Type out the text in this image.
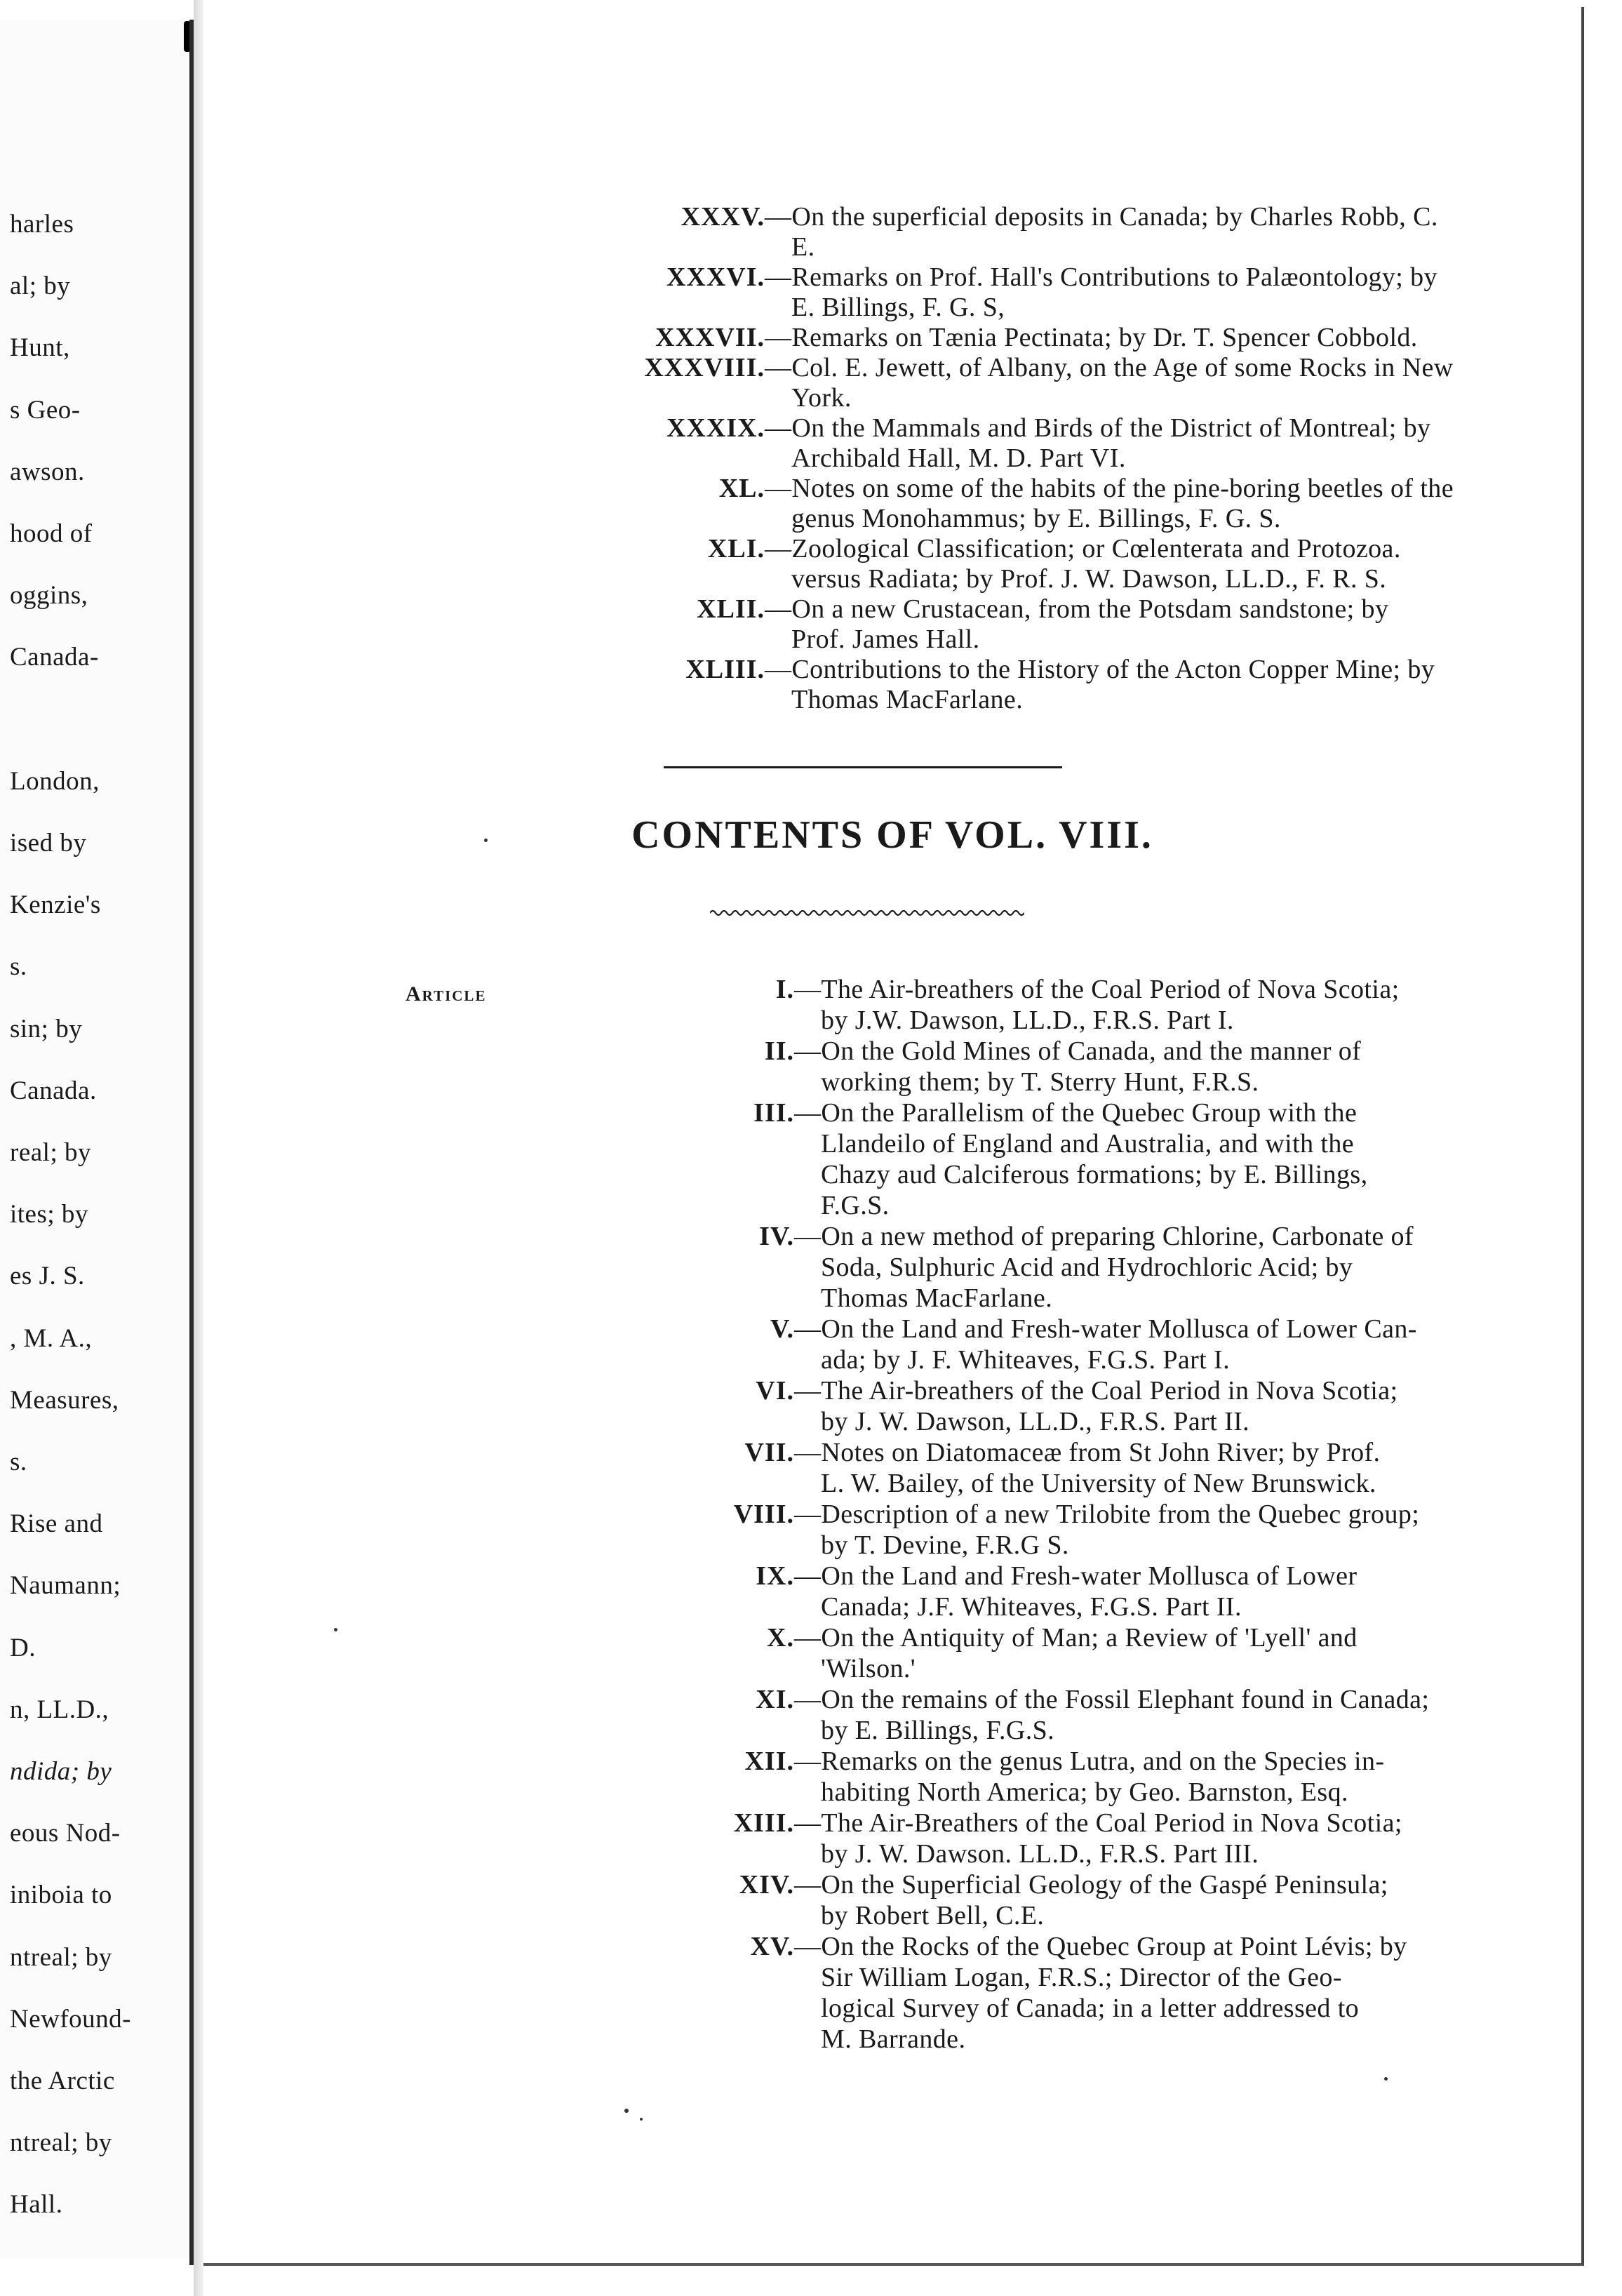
harles
al; by
Hunt,
s Geo-
awson.
hood of
oggins,
Canada-
London,
ised by
Kenzie's
s.
sin; by
Canada.
real; by
ites; by
es J. S.
, M. A.,
Measures,
s.
Rise and
Naumann;
D.
n, LL.D.,
ndida; by
eous Nod-
iniboia to
ntreal; by
Newfound-
the Arctic
ntreal; by
Hall.
XXXV. —On the superficial deposits in Canada; by Charles Robb, C.
E.
XXXVI. —Remarks on Prof. Hall's Contributions to Palæontology; by
E. Billings, F. G. S,
XXXVII. —Remarks on Tænia Pectinata; by Dr. T. Spencer Cobbold.
XXXVIII. —Col. E. Jewett, of Albany, on the Age of some Rocks in New
York.
XXXIX. —On the Mammals and Birds of the District of Montreal; by
Archibald Hall, M. D. Part VI.
XL. —Notes on some of the habits of the pine-boring beetles of the
genus Monohammus; by E. Billings, F. G. S.
XLI. —Zoological Classification; or Cœlenterata and Protozoa.
versus Radiata; by Prof. J. W. Dawson, LL.D., F. R. S.
XLII. —On a new Crustacean, from the Potsdam sandstone; by
Prof. James Hall.
XLIII. —Contributions to the History of the Acton Copper Mine; by
Thomas MacFarlane.
CONTENTS OF VOL. VIII.
Article	I. —The Air-breathers of the Coal Period of Nova Scotia;
by J.W. Dawson, LL.D., F.R.S. Part I.
II. —On the Gold Mines of Canada, and the manner of
working them; by T. Sterry Hunt, F.R.S.
III. —On the Parallelism of the Quebec Group with the
Llandeilo of England and Australia, and with the
Chazy aud Calciferous formations; by E. Billings,
F.G.S.
IV. —On a new method of preparing Chlorine, Carbonate of
Soda, Sulphuric Acid and Hydrochloric Acid; by
Thomas MacFarlane.
V. —On the Land and Fresh-water Mollusca of Lower Can-
ada; by J. F. Whiteaves, F.G.S. Part I.
VI. —The Air-breathers of the Coal Period in Nova Scotia;
by J. W. Dawson, LL.D., F.R.S. Part II.
VII. —Notes on Diatomaceæ from St John River; by Prof.
L. W. Bailey, of the University of New Brunswick.
VIII. —Description of a new Trilobite from the Quebec group;
by T. Devine, F.R.G S.
IX. —On the Land and Fresh-water Mollusca of Lower
Canada; J.F. Whiteaves, F.G.S. Part II.
X. —On the Antiquity of Man; a Review of 'Lyell' and
'Wilson.'
XI. —On the remains of the Fossil Elephant found in Canada;
by E. Billings, F.G.S.
XII. —Remarks on the genus Lutra, and on the Species in-
habiting North America; by Geo. Barnston, Esq.
XIII. —The Air-Breathers of the Coal Period in Nova Scotia;
by J. W. Dawson. LL.D., F.R.S. Part III.
XIV. —On the Superficial Geology of the Gaspé Peninsula;
by Robert Bell, C.E.
XV. —On the Rocks of the Quebec Group at Point Lévis; by
Sir William Logan, F.R.S.; Director of the Geo-
logical Survey of Canada; in a letter addressed to
M. Barrande.
